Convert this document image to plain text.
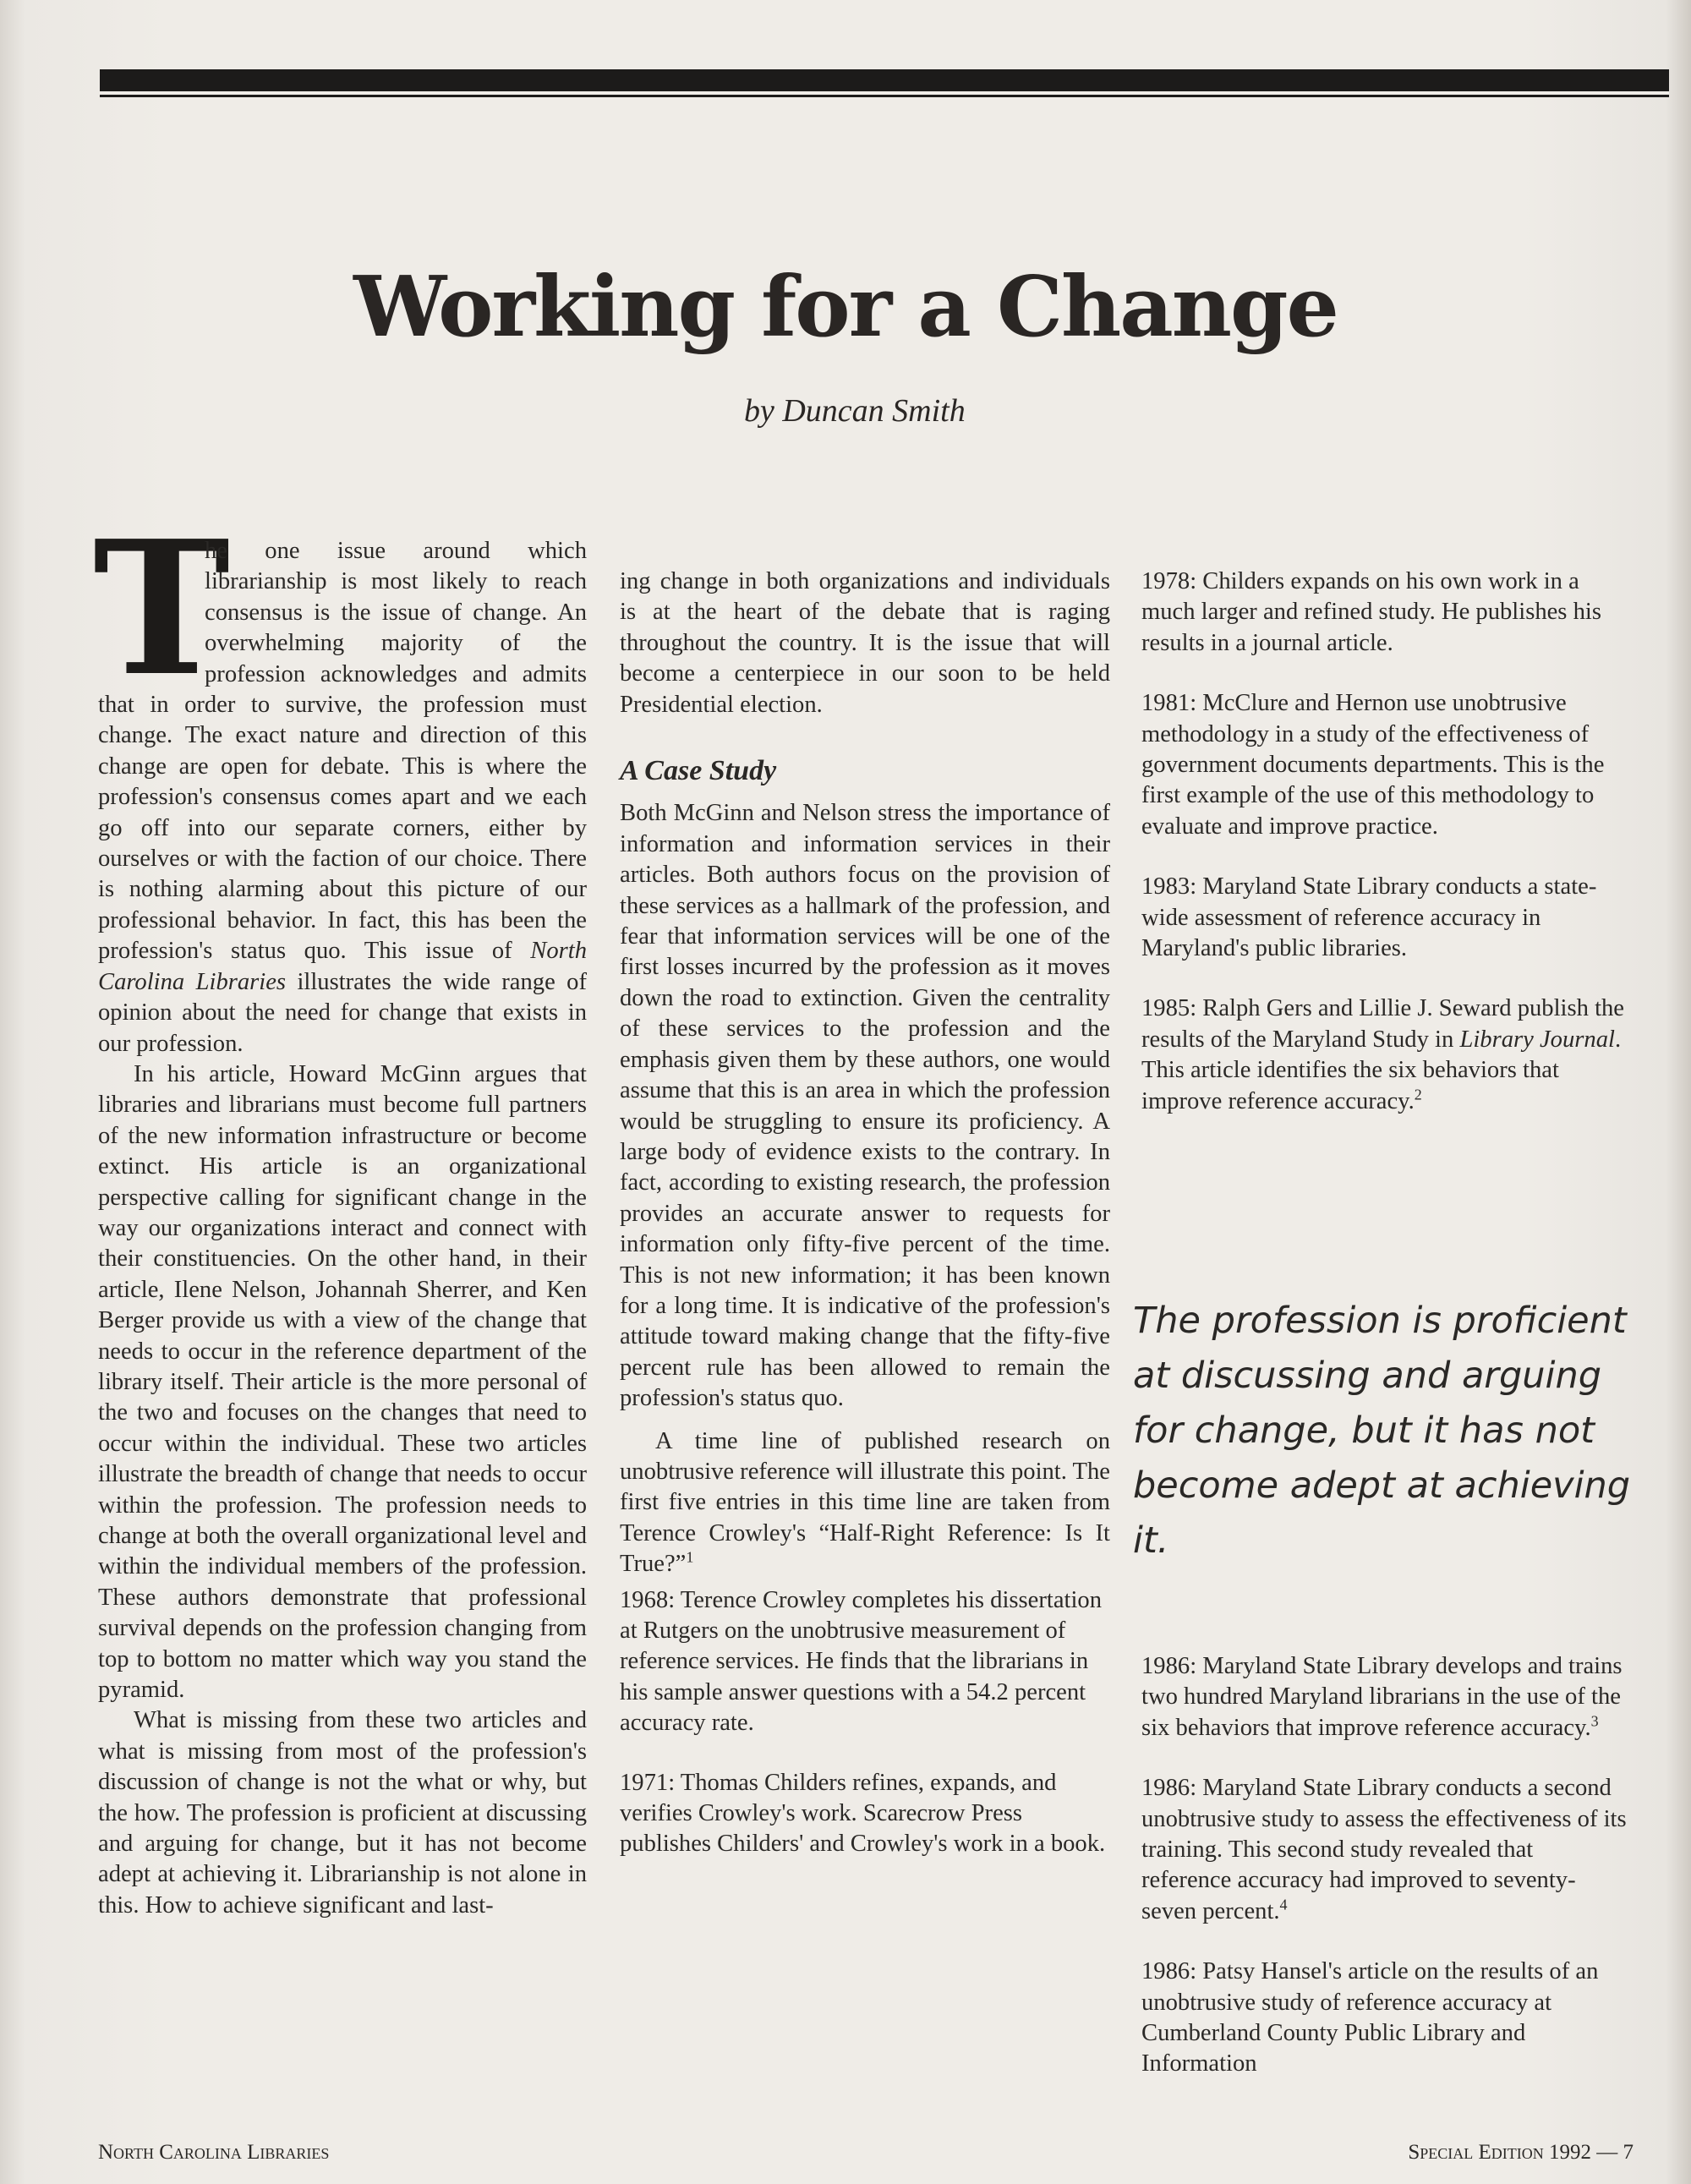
Working for a Change
by Duncan Smith

T
he one issue around which librarianship is most likely to reach consensus is the issue of change. An overwhelming majority of the profession acknowledges and admits that in order to survive, the profession must change. The exact nature and direction of this change are open for debate. This is where the profession's consensus comes apart and we each go off into our separate corners, either by ourselves or with the faction of our choice. There is nothing alarming about this picture of our professional behavior. In fact, this has been the profession's status quo. This issue of North Carolina Libraries illustrates the wide range of opinion about the need for change that exists in our profession.

In his article, Howard McGinn argues that libraries and librarians must become full partners of the new information infrastructure or become extinct. His article is an organizational perspective calling for significant change in the way our organizations interact and connect with their constituencies. On the other hand, in their article, Ilene Nelson, Johannah Sherrer, and Ken Berger provide us with a view of the change that needs to occur in the reference department of the library itself. Their article is the more personal of the two and focuses on the changes that need to occur within the individual. These two articles illustrate the breadth of change that needs to occur within the profession. The profession needs to change at both the overall organizational level and within the individual members of the profession. These authors demonstrate that professional survival depends on the profession changing from top to bottom no matter which way you stand the pyramid.

What is missing from these two articles and what is missing from most of the profession's discussion of change is not the what or why, but the how. The profession is proficient at discussing and arguing for change, but it has not become adept at achieving it. Librarianship is not alone in this. How to achieve significant and last-

ing change in both organizations and individuals is at the heart of the debate that is raging throughout the country. It is the issue that will become a centerpiece in our soon to be held Presidential election.

A Case Study

Both McGinn and Nelson stress the importance of information and information services in their articles. Both authors focus on the provision of these services as a hallmark of the profession, and fear that information services will be one of the first losses incurred by the profession as it moves down the road to extinction. Given the centrality of these services to the profession and the emphasis given them by these authors, one would assume that this is an area in which the profession would be struggling to ensure its proficiency. A large body of evidence exists to the contrary. In fact, according to existing research, the profession provides an accurate answer to requests for information only fifty-five percent of the time. This is not new information; it has been known for a long time. It is indicative of the profession's attitude toward making change that the fifty-five percent rule has been allowed to remain the profession's status quo.

A time line of published research on unobtrusive reference will illustrate this point. The first five entries in this time line are taken from Terence Crowley's “Half-Right Reference: Is It True?”$^1$

1968: Terence Crowley completes his dissertation at Rutgers on the unobtrusive measurement of reference services. He finds that the librarians in his sample answer questions with a 54.2 percent accuracy rate.

1971: Thomas Childers refines, expands, and verifies Crowley's work. Scarecrow Press publishes Childers' and Crowley's work in a book.

1978: Childers expands on his own work in a much larger and refined study. He publishes his results in a journal article.

1981: McClure and Hernon use unobtrusive methodology in a study of the effectiveness of government documents departments. This is the first example of the use of this methodology to evaluate and improve practice.

1983: Maryland State Library conducts a state-wide assessment of reference accuracy in Maryland's public libraries.

1985: Ralph Gers and Lillie J. Seward publish the results of the Maryland Study in Library Journal. This article identifies the six behaviors that improve reference accuracy.$^2$

The profession is proficient at discussing and arguing for change, but it has not become adept at achieving it.

1986: Maryland State Library develops and trains two hundred Maryland librarians in the use of the six behaviors that improve reference accuracy.$^3$

1986: Maryland State Library conducts a second unobtrusive study to assess the effectiveness of its training. This second study revealed that reference accuracy had improved to seventy-seven percent.$^4$

1986: Patsy Hansel's article on the results of an unobtrusive study of reference accuracy at Cumberland County Public Library and Information

North Carolina Libraries	Special Edition 1992 — 7
